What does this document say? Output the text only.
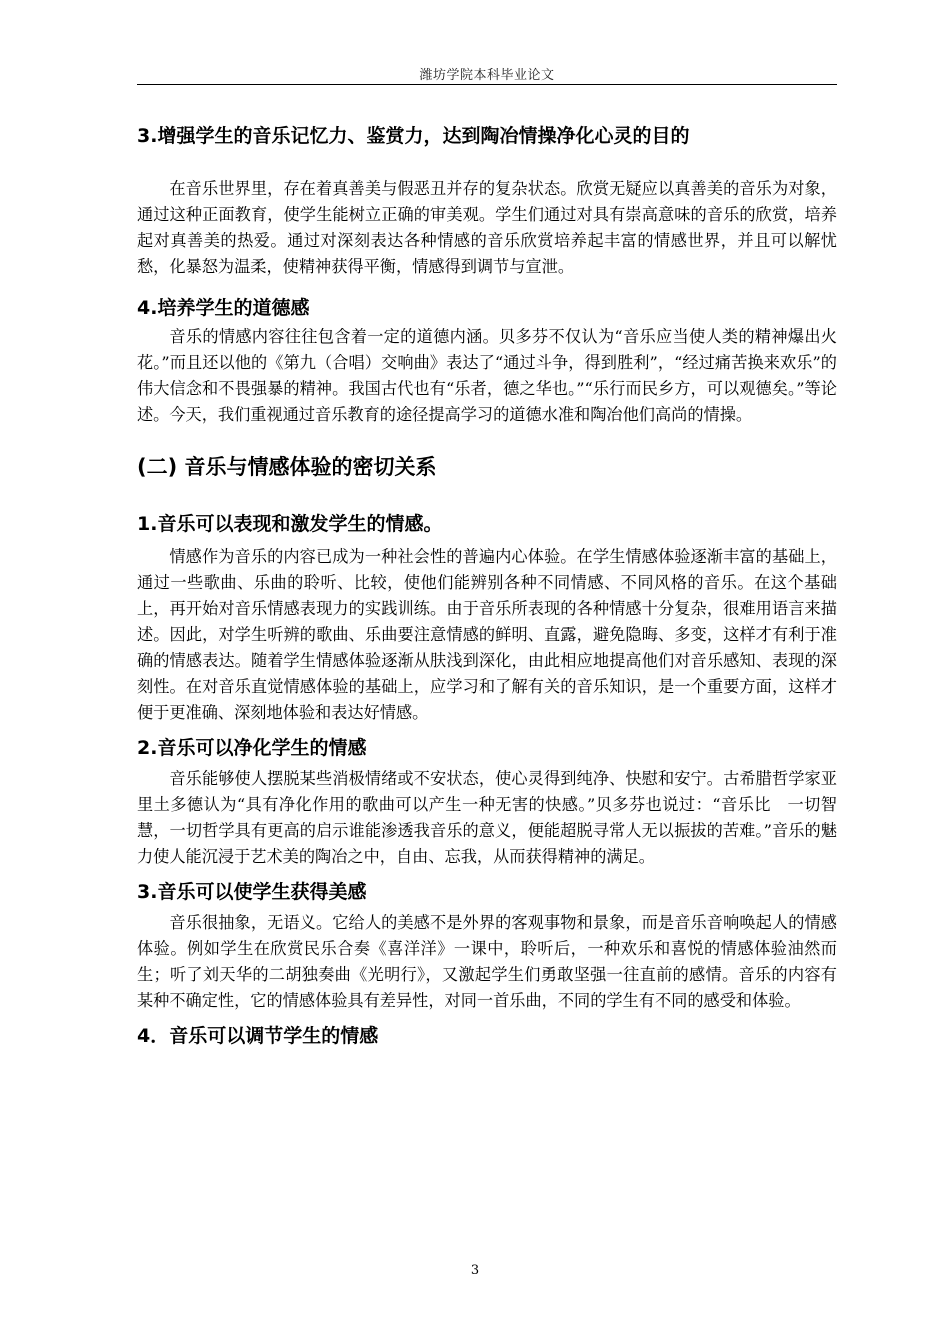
潍坊学院本科毕业论文
3.增强学生的音乐记忆力、鉴赏力，达到陶冶情操净化心灵的目的

在音乐世界里，存在着真善美与假恶丑并存的复杂状态。欣赏无疑应以真善美的音乐为对象，通过这种正面教育，使学生能树立正确的审美观。学生们通过对具有崇高意味的音乐的欣赏，培养起对真善美的热爱。通过对深刻表达各种情感的音乐欣赏培养起丰富的情感世界，并且可以解忧愁，化暴怒为温柔，使精神获得平衡，情感得到调节与宣泄。

4.培养学生的道德感

音乐的情感内容往往包含着一定的道德内涵。贝多芬不仅认为“音乐应当使人类的精神爆出火花。”而且还以他的《第九（合唱）交响曲》表达了“通过斗争，得到胜利”，“经过痛苦换来欢乐”的伟大信念和不畏强暴的精神。我国古代也有“乐者，德之华也。”“乐行而民乡方，可以观德矣。”等论述。今天，我们重视通过音乐教育的途径提高学习的道德水准和陶冶他们高尚的情操。

(二) 音乐与情感体验的密切关系
1.音乐可以表现和激发学生的情感。

情感作为音乐的内容已成为一种社会性的普遍内心体验。在学生情感体验逐渐丰富的基础上，通过一些歌曲、乐曲的聆听、比较，使他们能辨别各种不同情感、不同风格的音乐。在这个基础上，再开始对音乐情感表现力的实践训练。由于音乐所表现的各种情感十分复杂，很难用语言来描述。因此，对学生听辨的歌曲、乐曲要注意情感的鲜明、直露，避免隐晦、多变，这样才有利于准确的情感表达。随着学生情感体验逐渐从肤浅到深化，由此相应地提高他们对音乐感知、表现的深刻性。在对音乐直觉情感体验的基础上，应学习和了解有关的音乐知识，是一个重要方面，这样才便于更准确、深刻地体验和表达好情感。

2.音乐可以净化学生的情感

音乐能够使人摆脱某些消极情绪或不安状态，使心灵得到纯净、快慰和安宁。古希腊哲学家亚里土多德认为“具有净化作用的歌曲可以产生一种无害的快感。”贝多芬也说过：“音乐比　一切智慧，一切哲学具有更高的启示谁能渗透我音乐的意义，便能超脱寻常人无以振拔的苦难。”音乐的魅力使人能沉浸于艺术美的陶冶之中，自由、忘我，从而获得精神的满足。

3.音乐可以使学生获得美感

音乐很抽象，无语义。它给人的美感不是外界的客观事物和景象，而是音乐音响唤起人的情感体验。例如学生在欣赏民乐合奏《喜洋洋》一课中，聆听后，一种欢乐和喜悦的情感体验油然而生；听了刘天华的二胡独奏曲《光明行》，又激起学生们勇敢坚强一往直前的感情。音乐的内容有某种不确定性，它的情感体验具有差异性，对同一首乐曲，不同的学生有不同的感受和体验。

4．音乐可以调节学生的情感
3
